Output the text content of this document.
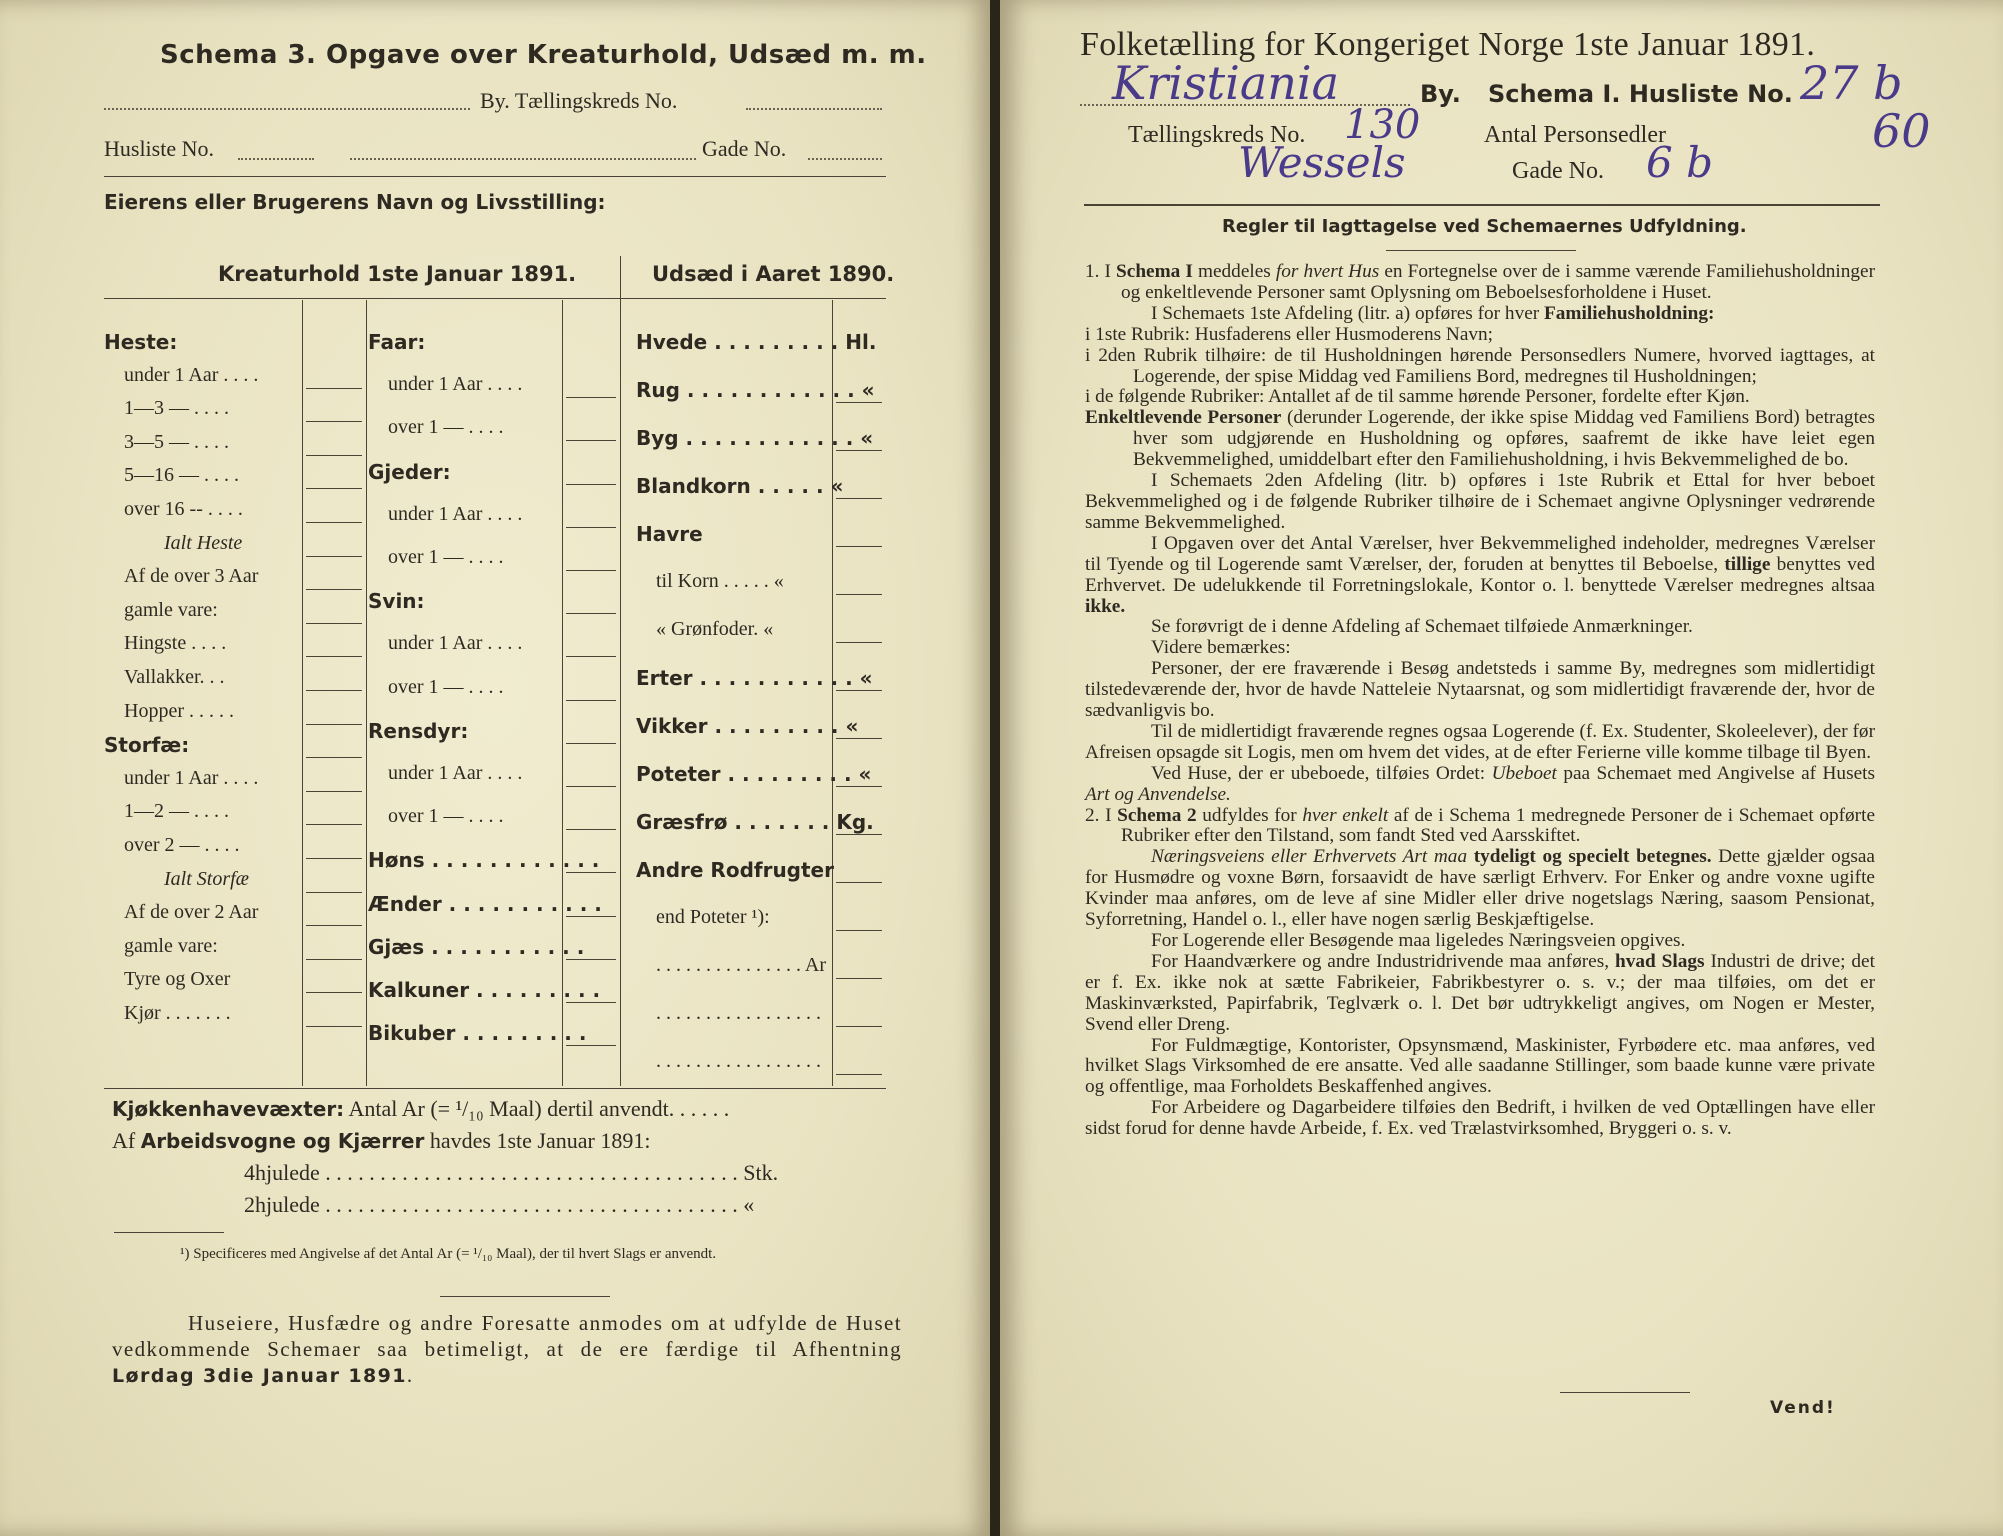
Schema 3. Opgave over Kreaturhold, Udsæd m. m.
By. Tællingskreds No.
Husliste No.	Gade No.
Eierens eller Brugerens Navn og Livsstilling:
Kreaturhold 1ste Januar 1891.	Udsæd i Aaret 1890.
Heste:
under 1 Aar . . . .
1—3 — . . . .
3—5 — . . . .
5—16 — . . . .
over 16 -- . . . .
Ialt Heste
Af de over 3 Aar
gamle vare:
Hingste . . . .
Vallakker. . .
Hopper . . . . .
Storfæ:
under 1 Aar . . . .
1—2 — . . . .
over 2 — . . . .
Ialt Storfæ
Af de over 2 Aar
gamle vare:
Tyre og Oxer
Kjør . . . . . . .
Faar:
under 1 Aar . . . .
over 1 — . . . .
Gjeder:
under 1 Aar . . . .
over 1 — . . . .
Svin:
under 1 Aar . . . .
over 1 — . . . .
Rensdyr:
under 1 Aar . . . .
over 1 — . . . .
Høns . . . . . . . . . . . .
Ænder . . . . . . . . . . .
Gjæs . . . . . . . . . . .
Kalkuner . . . . . . . . .
Bikuber . . . . . . . . .
Hvede . . . . . . . . . Hl.
Rug . . . . . . . . . . . . «
Byg . . . . . . . . . . . . «
Blandkorn . . . . . «
Havre
til Korn . . . . . «
« Grønfoder. «
Erter . . . . . . . . . . . «
Vikker . . . . . . . . . «
Poteter . . . . . . . . . «
Græsfrø . . . . . . . Kg.
Andre Rodfrugter
end Poteter ¹):
. . . . . . . . . . . . . . . Ar
. . . . . . . . . . . . . . . . .
. . . . . . . . . . . . . . . . .
Kjøkkenhavevæxter: Antal Ar (= ¹/₁₀ Maal) dertil anvendt. . . . . .
Af Arbeidsvogne og Kjærrer havdes 1ste Januar 1891:
4hjulede . . . . . . . . . . . . . . . . . . . . . . . . . . . . . . . . . . . . . . Stk.
2hjulede . . . . . . . . . . . . . . . . . . . . . . . . . . . . . . . . . . . . . . «
¹) Specificeres med Angivelse af det Antal Ar (= ¹/₁₀ Maal), der til hvert Slags er anvendt.
Huseiere, Husfædre og andre Foresatte anmodes om at udfylde de Huset vedkommende Schemaer saa betimeligt, at de ere færdige til Afhentning Lørdag 3die Januar 1891.
Folketælling for Kongeriget Norge 1ste Januar 1891.
Kristiania	By. Schema I. Husliste No. 27 b
Tællingskreds No. 130	Antal Personsedler	60
Wessels	Gade No. 6 b
Regler til Iagttagelse ved Schemaernes Udfyldning.

1. I Schema I meddeles for hvert Hus en Fortegnelse over de i samme værende Familiehusholdninger og enkeltlevende Personer samt Oplysning om Beboelsesforholdene i Huset.

I Schemaets 1ste Afdeling (litr. a) opføres for hver Familiehusholdning:

i 1ste Rubrik: Husfaderens eller Husmoderens Navn;

i 2den Rubrik tilhøire: de til Husholdningen hørende Personsedlers Numere, hvorved iagttages, at Logerende, der spise Middag ved Familiens Bord, medregnes til Husholdningen;

i de følgende Rubriker: Antallet af de til samme hørende Personer, fordelte efter Kjøn.

Enkeltlevende Personer (derunder Logerende, der ikke spise Middag ved Familiens Bord) betragtes hver som udgjørende en Husholdning og opføres, saafremt de ikke have leiet egen Bekvemmelighed, umiddelbart efter den Familiehusholdning, i hvis Bekvemmelighed de bo.

I Schemaets 2den Afdeling (litr. b) opføres i 1ste Rubrik et Ettal for hver beboet Bekvemmelighed og i de følgende Rubriker tilhøire de i Schemaet angivne Oplysninger vedrørende samme Bekvemmelighed.

I Opgaven over det Antal Værelser, hver Bekvemmelighed indeholder, medregnes Værelser til Tyende og til Logerende samt Værelser, der, foruden at benyttes til Beboelse, tillige benyttes ved Erhvervet. De udelukkende til Forretningslokale, Kontor o. l. benyttede Værelser medregnes altsaa ikke.

Se forøvrigt de i denne Afdeling af Schemaet tilføiede Anmærkninger.

Videre bemærkes:

Personer, der ere fraværende i Besøg andetsteds i samme By, medregnes som midlertidigt tilstedeværende der, hvor de havde Natteleie Nytaarsnat, og som midlertidigt fraværende der, hvor de sædvanligvis bo.

Til de midlertidigt fraværende regnes ogsaa Logerende (f. Ex. Studenter, Skoleelever), der før Afreisen opsagde sit Logis, men om hvem det vides, at de efter Ferierne ville komme tilbage til Byen.

Ved Huse, der er ubeboede, tilføies Ordet: Ubeboet paa Schemaet med Angivelse af Husets Art og Anvendelse.

2. I Schema 2 udfyldes for hver enkelt af de i Schema 1 medregnede Personer de i Schemaet opførte Rubriker efter den Tilstand, som fandt Sted ved Aarsskiftet.

Næringsveiens eller Erhvervets Art maa tydeligt og specielt betegnes. Dette gjælder ogsaa for Husmødre og voxne Børn, forsaavidt de have særligt Erhverv. For Enker og andre voxne ugifte Kvinder maa anføres, om de leve af sine Midler eller drive nogetslags Næring, saasom Pensionat, Syforretning, Handel o. l., eller have nogen særlig Beskjæftigelse.

For Logerende eller Besøgende maa ligeledes Næringsveien opgives.

For Haandværkere og andre Industridrivende maa anføres, hvad Slags Industri de drive; det er f. Ex. ikke nok at sætte Fabrikeier, Fabrikbestyrer o. s. v.; der maa tilføies, om det er Maskinværksted, Papirfabrik, Teglværk o. l. Det bør udtrykkeligt angives, om Nogen er Mester, Svend eller Dreng.

For Fuldmægtige, Kontorister, Opsynsmænd, Maskinister, Fyrbødere etc. maa anføres, ved hvilket Slags Virksomhed de ere ansatte. Ved alle saadanne Stillinger, som baade kunne være private og offentlige, maa Forholdets Beskaffenhed angives.

For Arbeidere og Dagarbeidere tilføies den Bedrift, i hvilken de ved Optællingen have eller sidst forud for denne havde Arbeide, f. Ex. ved Trælastvirksomhed, Bryggeri o. s. v.

Vend!
